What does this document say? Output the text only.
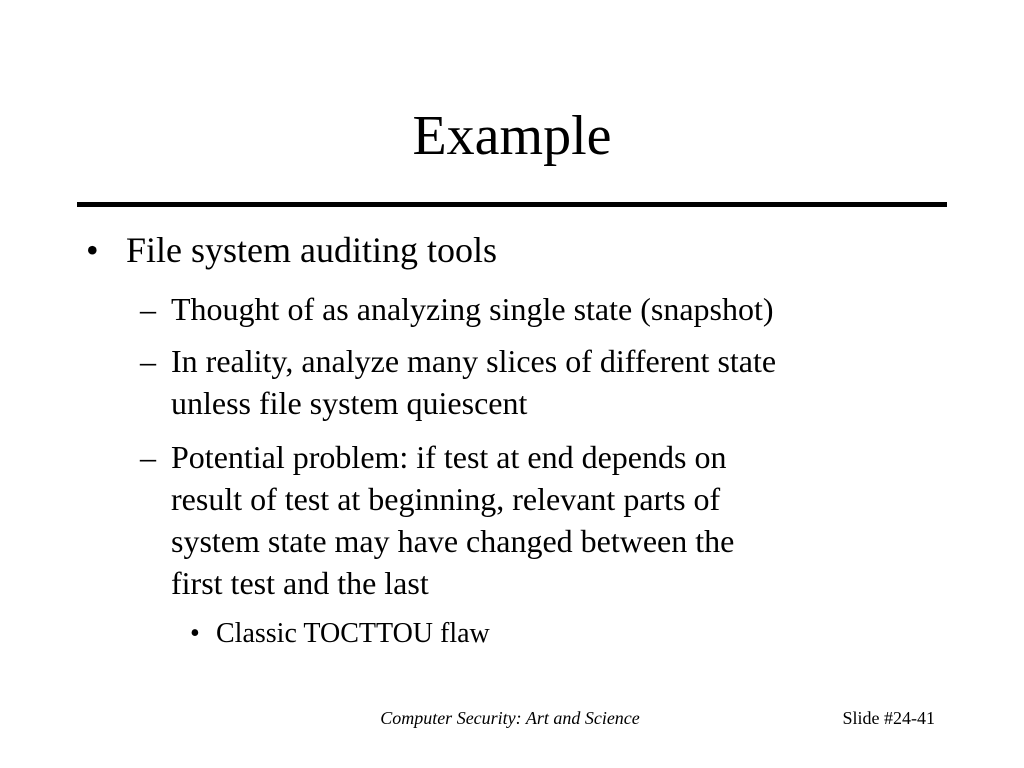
Example
• File system auditing tools
– Thought of as analyzing single state (snapshot)
– In reality, analyze many slices of different state
unless file system quiescent
– Potential problem: if test at end depends on
result of test at beginning, relevant parts of
system state may have changed between the
first test and the last
• Classic TOCTTOU flaw
Computer Security: Art and Science	Slide #24-41
